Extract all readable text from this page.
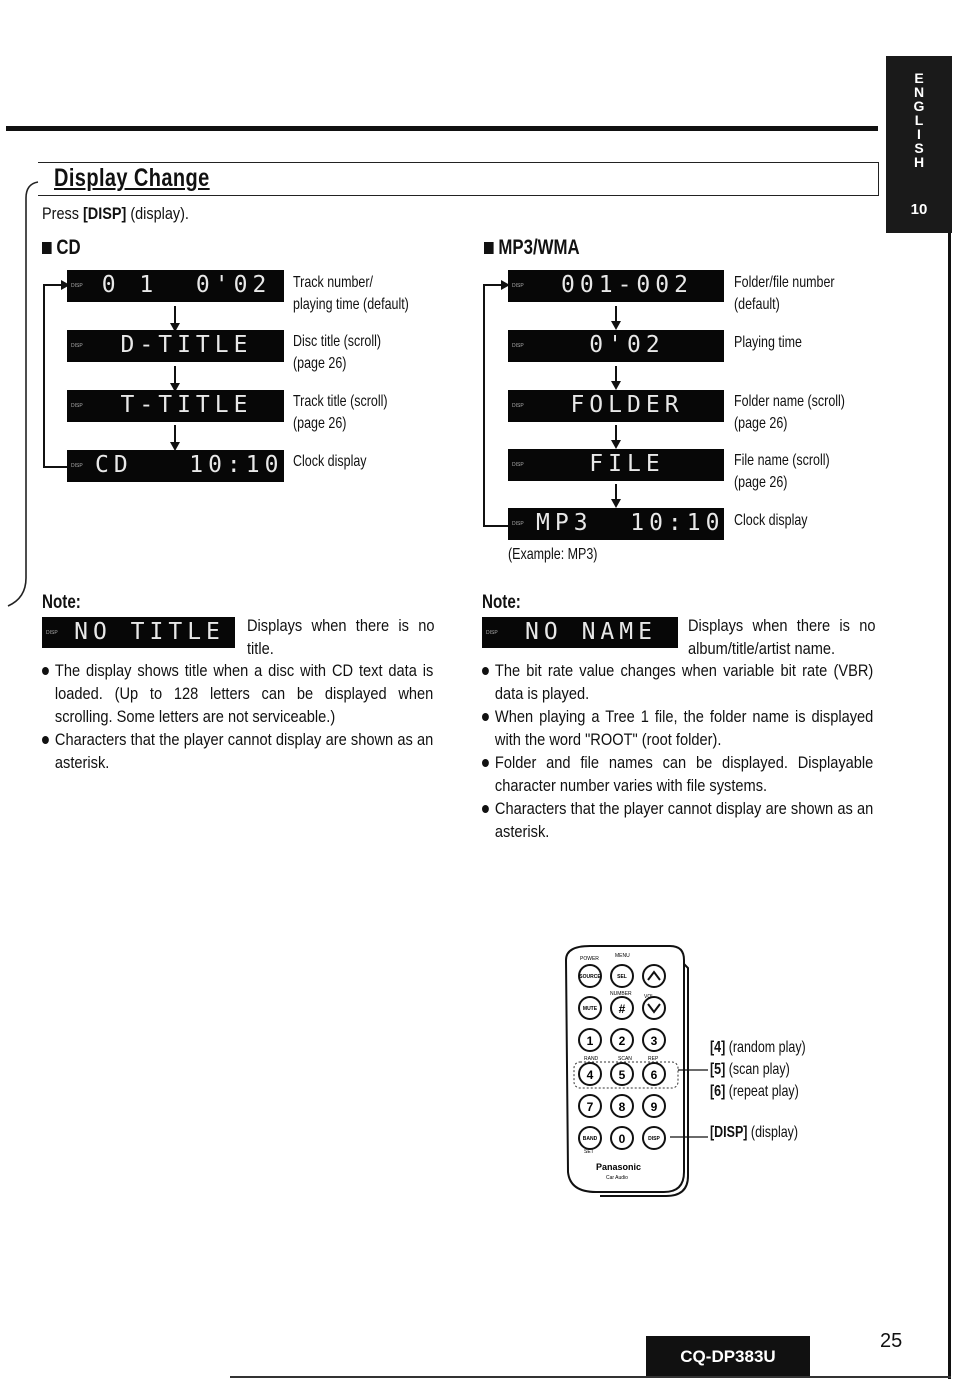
E
N
G
L
I
S
H
10
Display Change
Press [DISP] (display).
CD
DISP 0 1  0'02
DISP	D-TITLE
DISP	T-TITLE
DISP CD   10:10
Track number/
playing time (default)
Disc title (scroll)
(page 26)
Track title (scroll)
(page 26)
Clock display
Note:
DISP NO TITLE Displays when there is no title.
The display shows title when a disc with CD text data is loaded. (Up to 128 letters can be displayed when scrolling. Some letters are not serviceable.)
Characters that the player cannot display are shown as an asterisk.
MP3/WMA
DISP	001-002
DISP	0'02
DISP	FOLDER
DISP	FILE
DISP MP3  10:10
Folder/file number
(default)
Playing time
Folder name (scroll)
(page 26)
File name (scroll)
(page 26)
Clock display
(Example: MP3)
Note:
DISP	NO NAME	Displays when there is no album/title/artist name.
The bit rate value changes when variable bit rate (VBR) data is played.
When playing a Tree 1 file, the folder name is displayed with the word "ROOT" (root folder).
Folder and file names can be displayed. Displayable character number varies with file systems.
Characters that the player cannot display are shown as an asterisk.
POWER	MENU
SOURCE	SEL
MUTE #
1 2 3
4 5 6
7 8 9
BAND 0	DISP
NUMBER VOL
RAND	SCAN	REP
SET
Panasonic
Car Audio
[4] (random play)
[5] (scan play)
[6] (repeat play)
[DISP] (display)
CQ-DP383U
25
